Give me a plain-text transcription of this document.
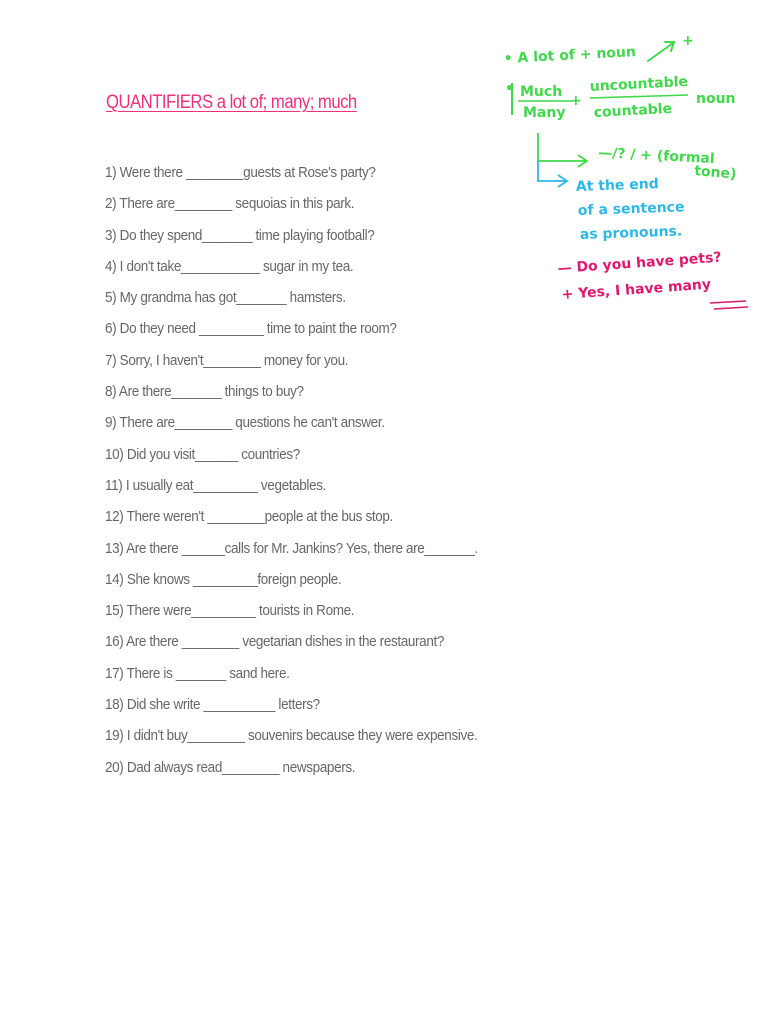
QUANTIFIERS a lot of; many; much
1) Were there ________guests at Rose's party?
2) There are________ sequoias in this park.
3) Do they spend_______ time playing football?
4) I don't take___________ sugar in my tea.
5) My grandma has got_______ hamsters.
6) Do they need _________ time to paint the room?
7) Sorry, I haven't________ money for you.
8) Are there_______ things to buy?
9) There are________ questions he can't answer.
10) Did you visit______ countries?
11) I usually eat_________ vegetables.
12) There weren't ________people at the bus stop.
13) Are there ______calls for Mr. Jankins? Yes, there are_______.
14) She knows _________foreign people.
15) There were_________ tourists in Rome.
16) Are there ________ vegetarian dishes in the restaurant?
17) There is _______ sand here.
18) Did she write __________ letters?
19) I didn't buy________ souvenirs because they were expensive.
20) Dad always read________ newspapers.
• A lot of + noun
+
• Much
Many
+
uncountable
countable
noun
—/? / + (formal
tone)
At the end
of a sentence
as pronouns.
— Do you have pets?
+ Yes, I have many
